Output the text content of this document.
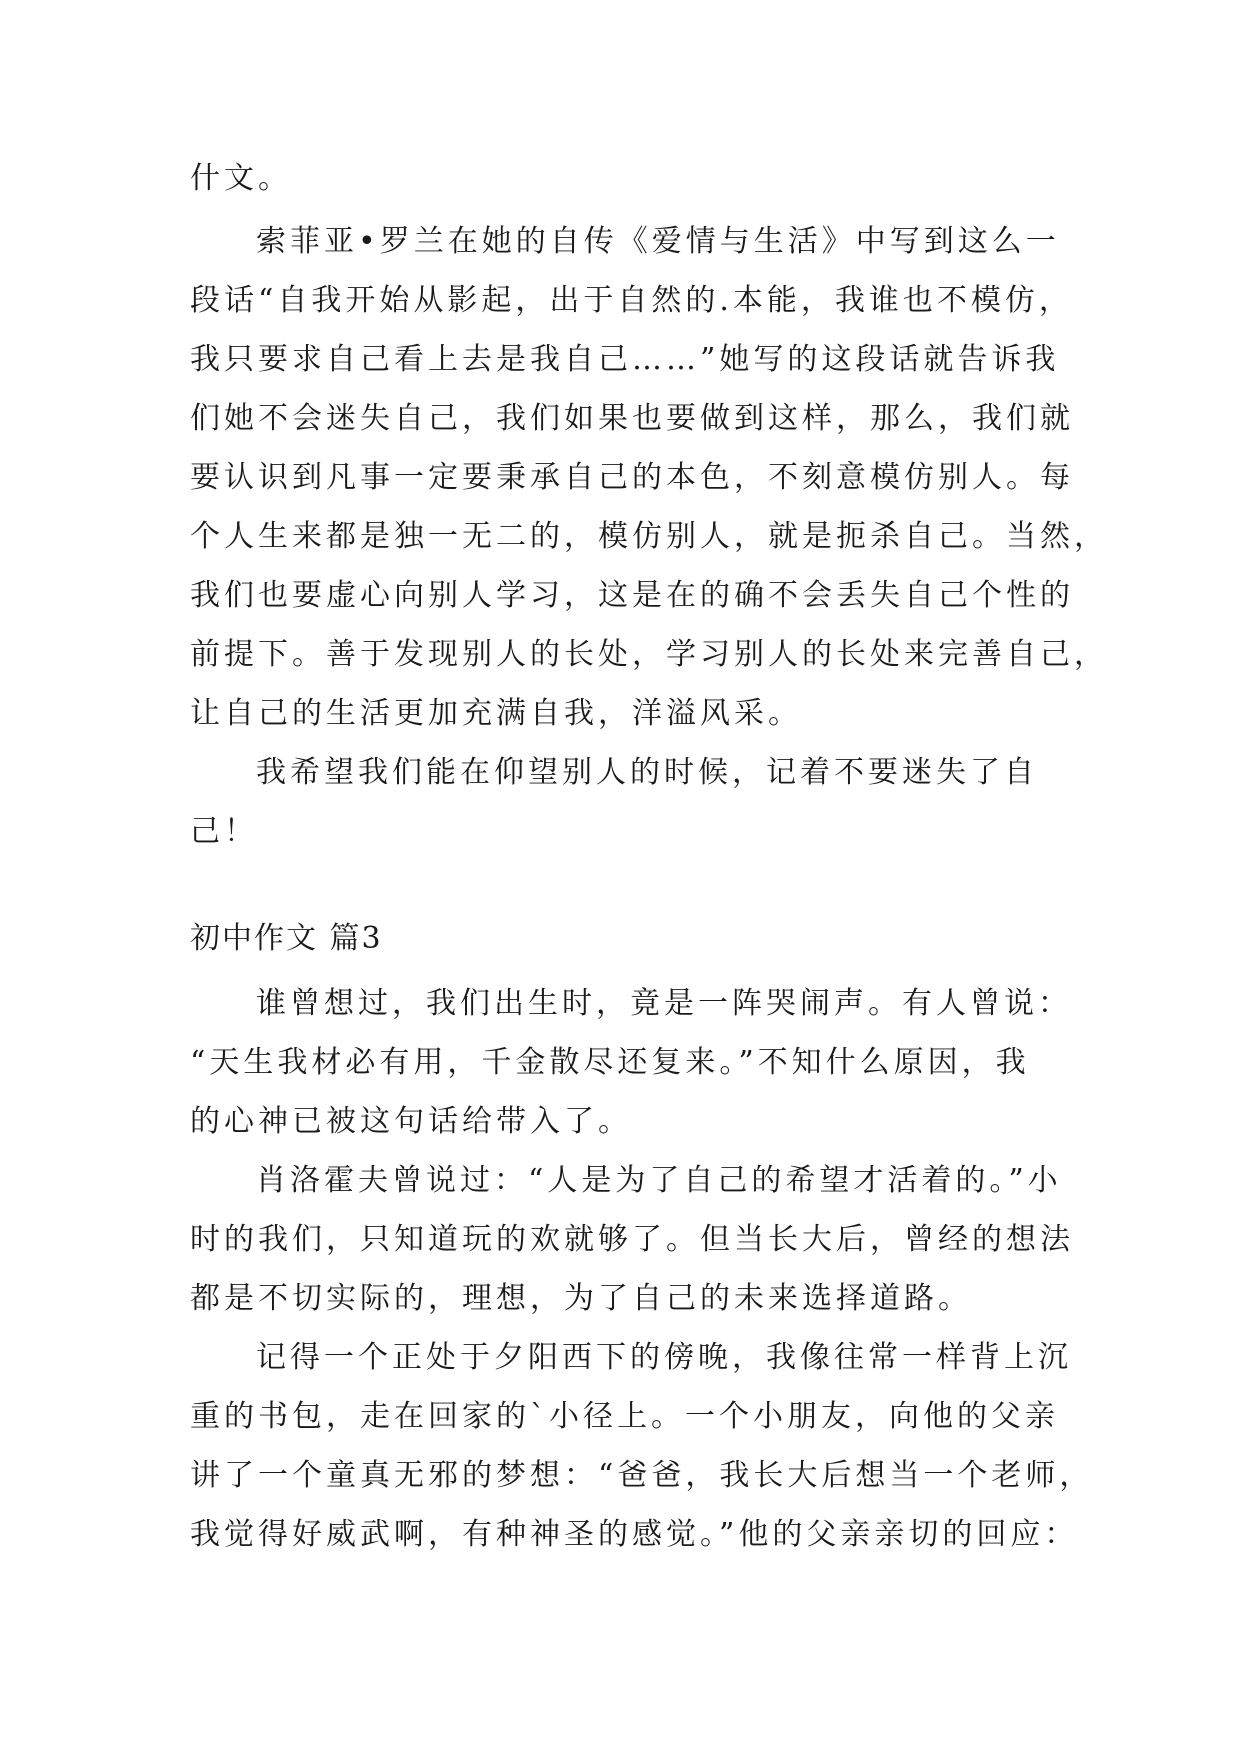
什文。
索菲亚•罗兰在她的自传《爱情与生活》中写到这么一
段话“自我开始从影起，出于自然的.本能，我谁也不模仿，
我只要求自己看上去是我自己……”她写的这段话就告诉我
们她不会迷失自己，我们如果也要做到这样，那么，我们就
要认识到凡事一定要秉承自己的本色，不刻意模仿别人。每
个人生来都是独一无二的，模仿别人，就是扼杀自己。当然，
我们也要虚心向别人学习，这是在的确不会丢失自己个性的
前提下。善于发现别人的长处，学习别人的长处来完善自己，
让自己的生活更加充满自我，洋溢风采。
我希望我们能在仰望别人的时候，记着不要迷失了自
己！
初中作文 篇3
谁曾想过，我们出生时，竟是一阵哭闹声。有人曾说：
“天生我材必有用，千金散尽还复来。”不知什么原因，我
的心神已被这句话给带入了。
肖洛霍夫曾说过：“人是为了自己的希望才活着的。”小
时的我们，只知道玩的欢就够了。但当长大后，曾经的想法
都是不切实际的，理想，为了自己的未来选择道路。
记得一个正处于夕阳西下的傍晚，我像往常一样背上沉
重的书包，走在回家的`小径上。一个小朋友，向他的父亲
讲了一个童真无邪的梦想：“爸爸，我长大后想当一个老师，
我觉得好威武啊，有种神圣的感觉。”他的父亲亲切的回应：
